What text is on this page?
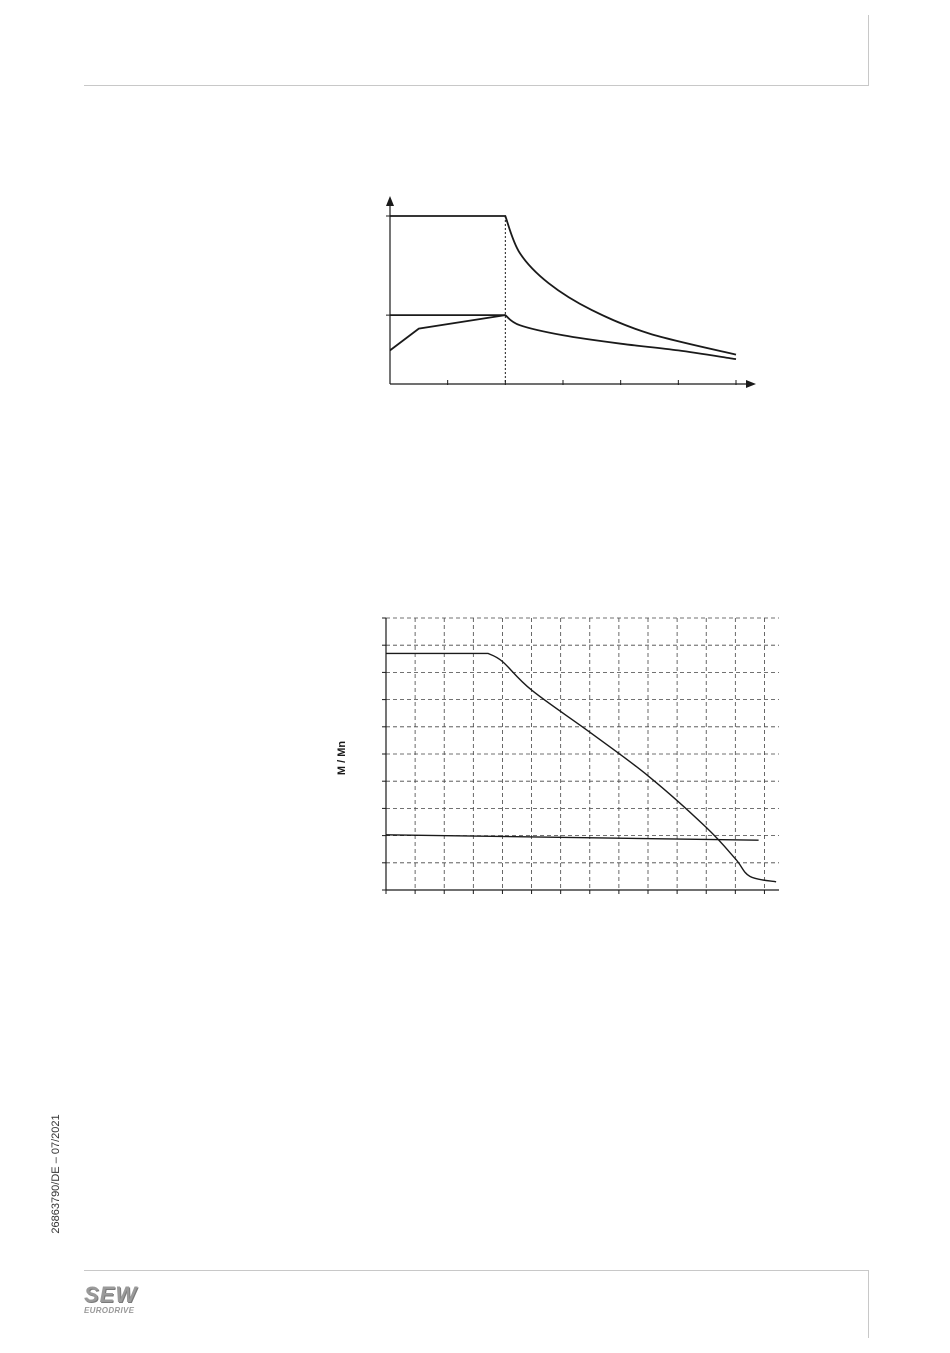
M / Mn
26863790/DE – 07/2021
SEW
EURODRIVE
